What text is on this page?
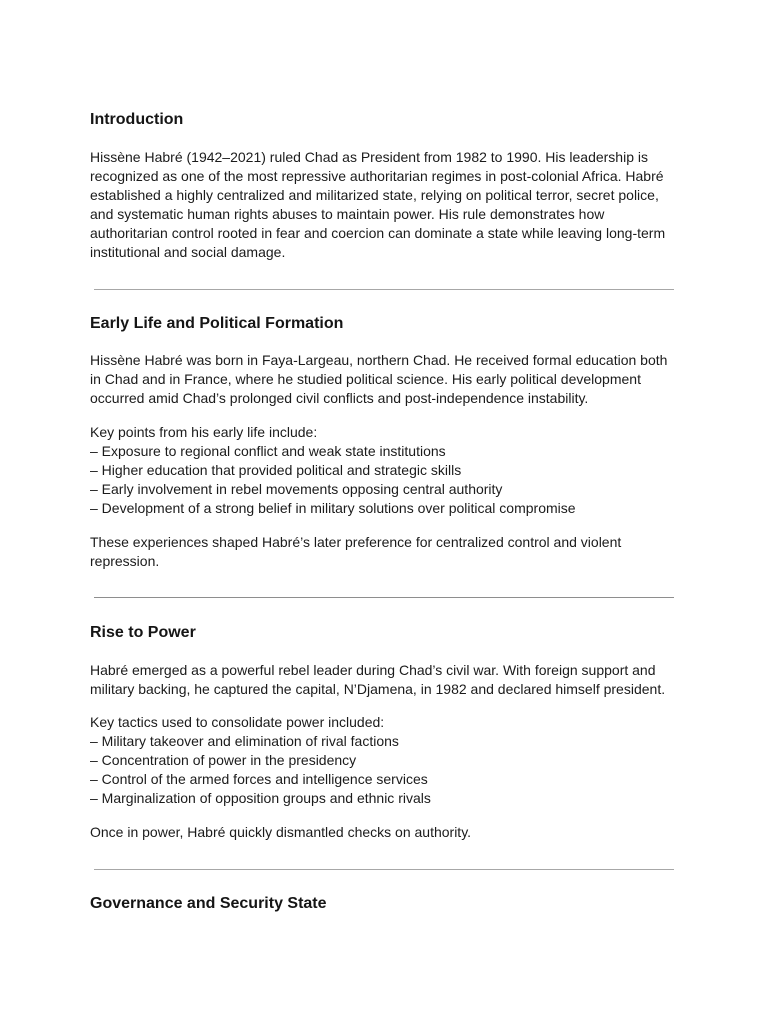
Introduction

Hissène Habré (1942–2021) ruled Chad as President from 1982 to 1990. His leadership is recognized as one of the most repressive authoritarian regimes in post-colonial Africa. Habré established a highly centralized and militarized state, relying on political terror, secret police, and systematic human rights abuses to maintain power. His rule demonstrates how authoritarian control rooted in fear and coercion can dominate a state while leaving long-term institutional and social damage.

Early Life and Political Formation

Hissène Habré was born in Faya-Largeau, northern Chad. He received formal education both in Chad and in France, where he studied political science. His early political development occurred amid Chad’s prolonged civil conflicts and post-independence instability.

Key points from his early life include:

– Exposure to regional conflict and weak state institutions
– Higher education that provided political and strategic skills
– Early involvement in rebel movements opposing central authority
– Development of a strong belief in military solutions over political compromise

These experiences shaped Habré’s later preference for centralized control and violent repression.

Rise to Power

Habré emerged as a powerful rebel leader during Chad’s civil war. With foreign support and military backing, he captured the capital, N’Djamena, in 1982 and declared himself president.

Key tactics used to consolidate power included:

– Military takeover and elimination of rival factions
– Concentration of power in the presidency
– Control of the armed forces and intelligence services
– Marginalization of opposition groups and ethnic rivals

Once in power, Habré quickly dismantled checks on authority.

Governance and Security State
